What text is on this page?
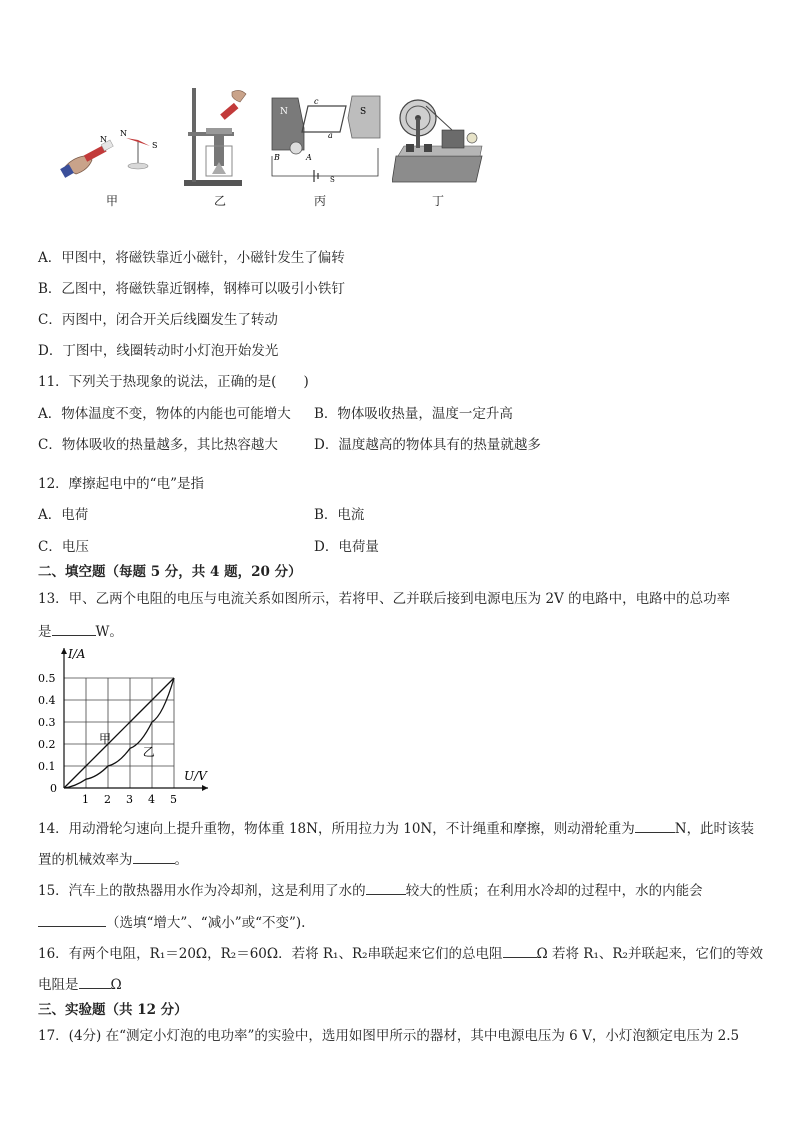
N
N
S
N	S
c
a
B	A
S
甲	乙	丙	丁
A．甲图中，将磁铁靠近小磁针，小磁针发生了偏转
B．乙图中，将磁铁靠近钢棒，钢棒可以吸引小铁钉
C．丙图中，闭合开关后线圈发生了转动
D．丁图中，线圈转动时小灯泡开始发光
11．下列关于热现象的说法，正确的是(　　)
A．物体温度不变，物体的内能也可能增大 B．物体吸收热量，温度一定升高
C．物体吸收的热量越多，其比热容越大	D．温度越高的物体具有的热量就越多
12．摩擦起电中的“电”是指
A．电荷	B．电流
C．电压	D．电荷量
二、填空题（每题 5 分，共 4 题，20 分）
13．甲、乙两个电阻的电压与电流关系如图所示，若将甲、乙并联后接到电源电压为 2V 的电路中，电路中的总功率
是	W。
甲
乙
1 2 3 4 5
0.1
0.2
0.3
0.4
0.5
I/A
U/V
0
14．用动滑轮匀速向上提升重物，物体重 18N，所用拉力为 10N，不计绳重和摩擦，则动滑轮重为	N，此时该装
置的机械效率为	。
15．汽车上的散热器用水作为冷却剂，这是利用了水的	较大的性质；在利用水冷却的过程中，水的内能会
（选填“增大”、“减小”或“不变”).
16．有两个电阻，R₁＝20Ω，R₂＝60Ω．若将 R₁、R₂串联起来它们的总电阻	Ω 若将 R₁、R₂并联起来，它们的等效
电阻是 Ω
三、实验题（共 12 分）
17．(4分) 在“测定小灯泡的电功率”的实验中，选用如图甲所示的器材，其中电源电压为 6 V，小灯泡额定电压为 2.5
